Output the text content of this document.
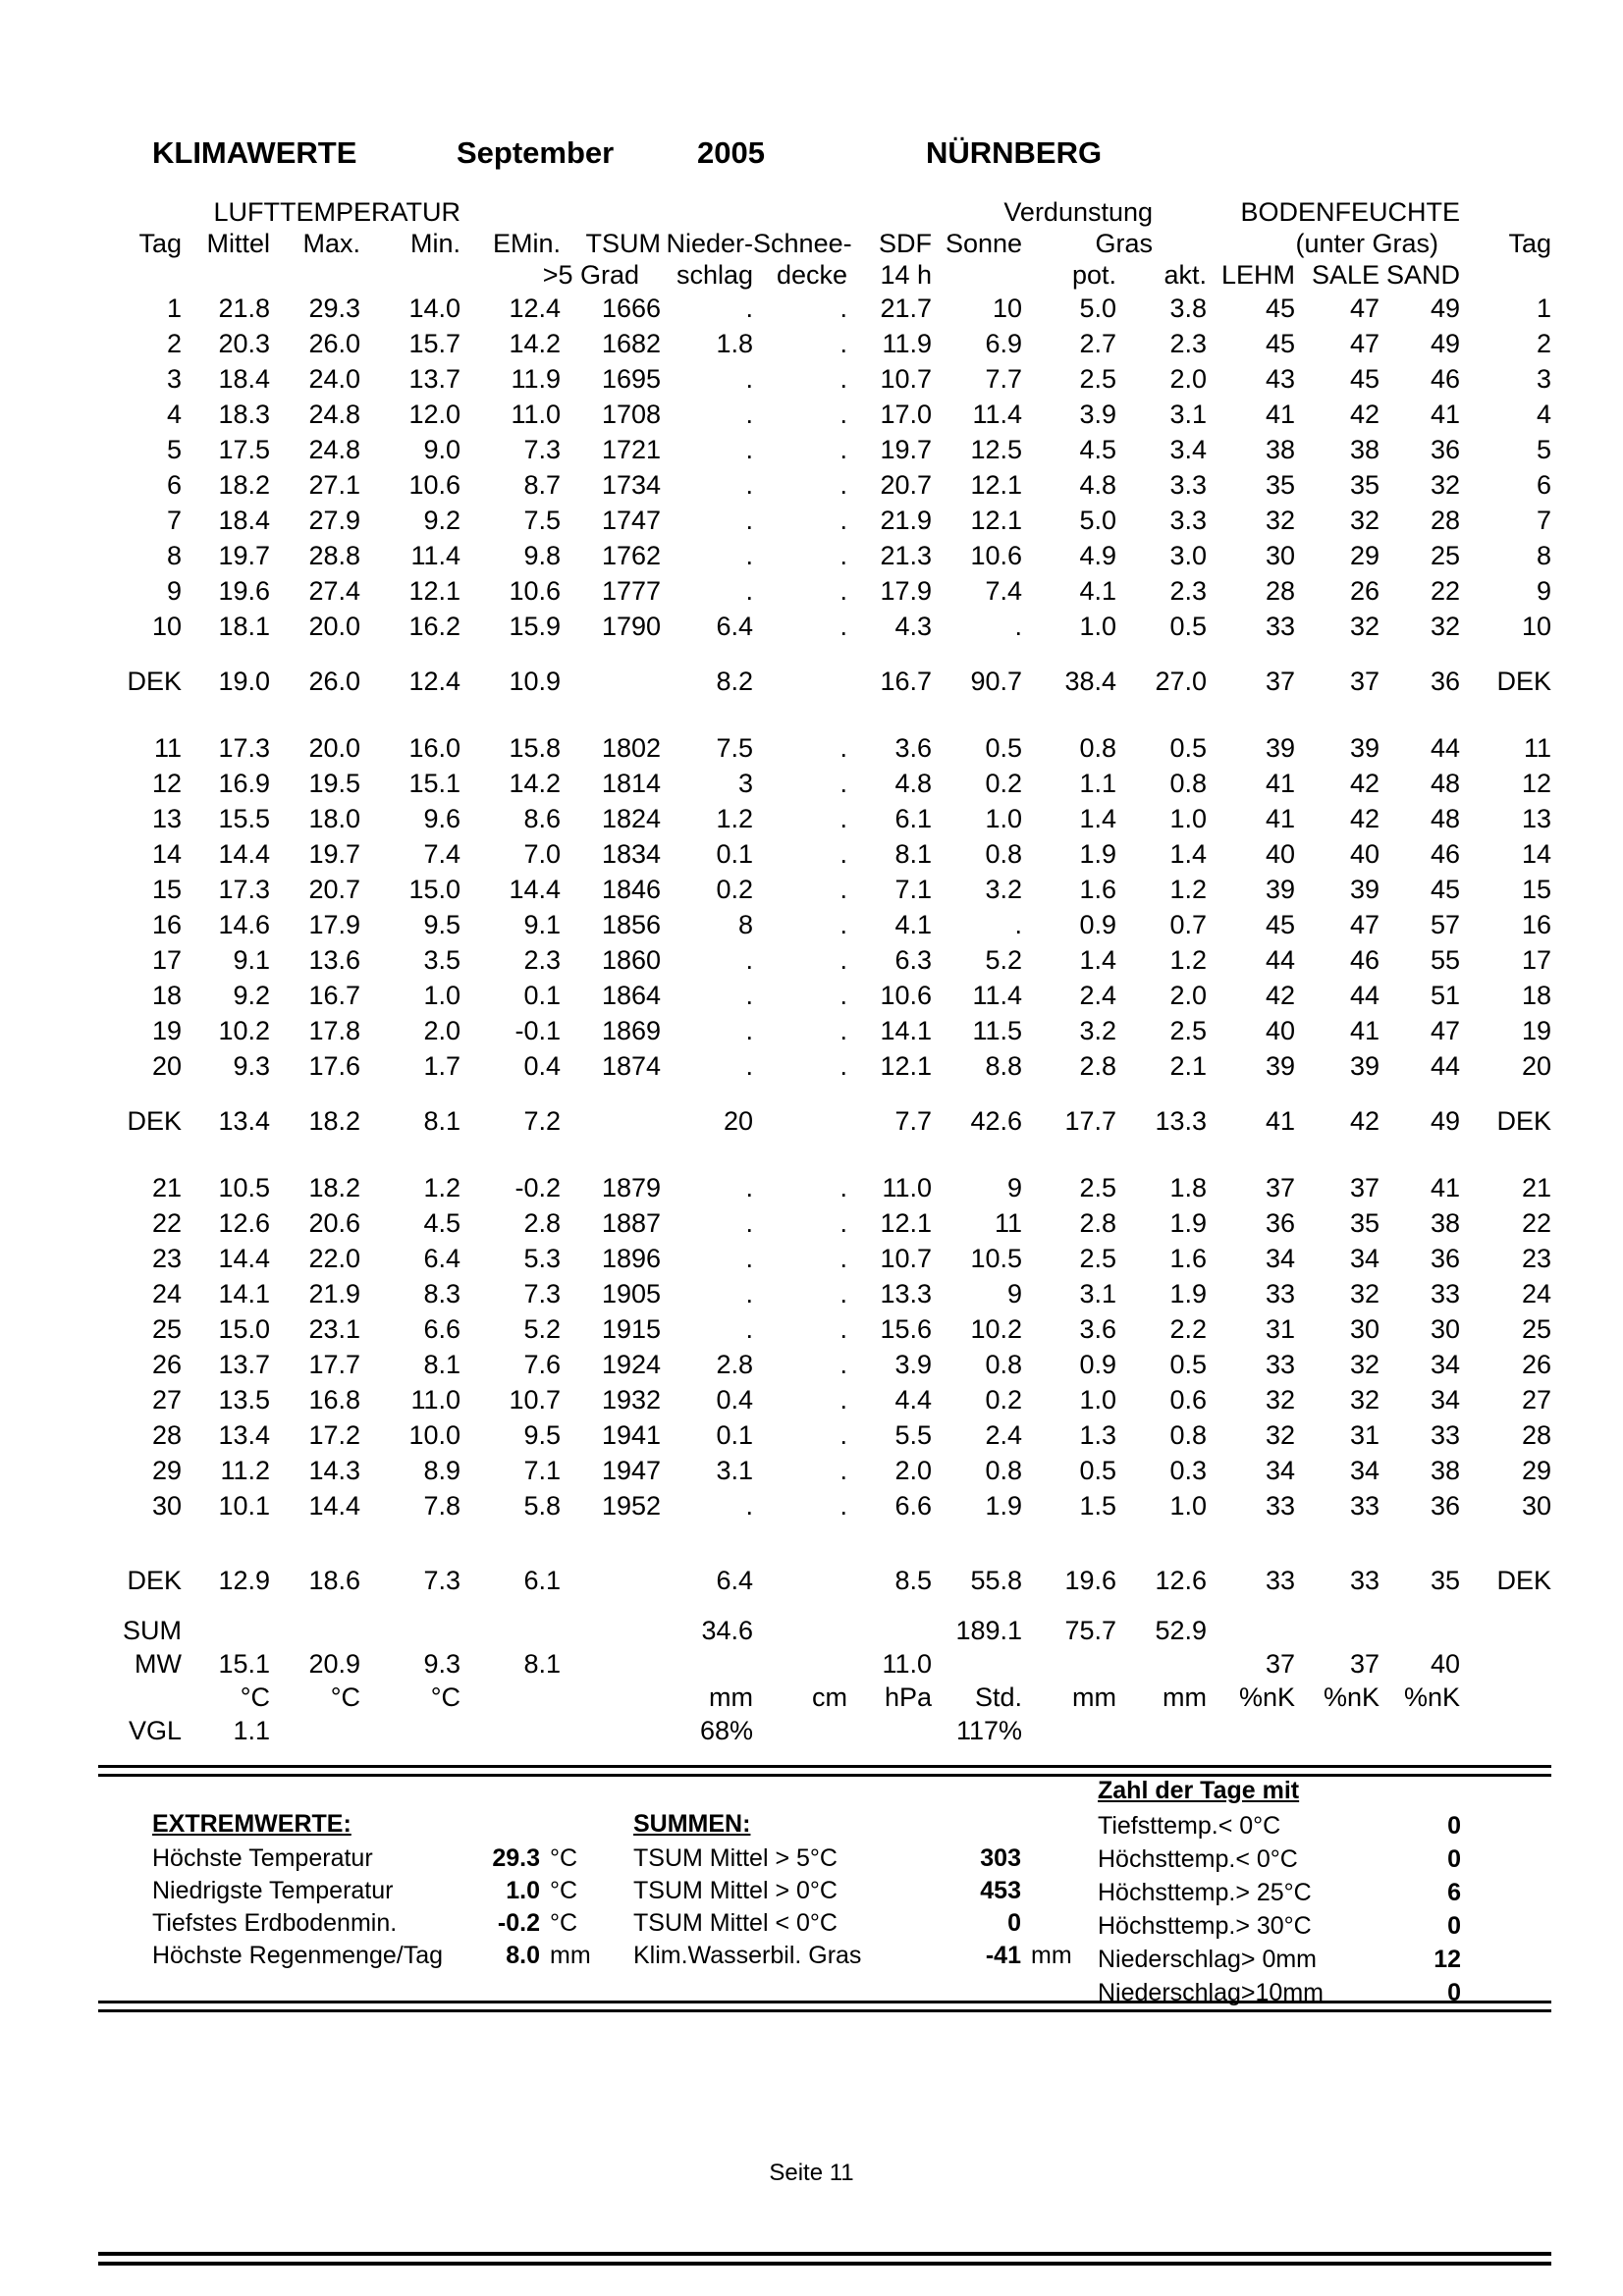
KLIMAWERTE	September	2005	NÜRNBERG
	LUFTTEMPERATUR									Verdunstung		BODENFEUCHTE			
Tag	Mittel	Max.	Min.	EMin.	TSUM	Nieder-	Schnee-	SDF	Sonne	Gras		(unter Gras)			Tag
					>5 Grad	schlag	decke	14 h		pot.	akt.	LEHM	SALE	SAND	
1	21.8	29.3	14.0	12.4	1666	.	.	21.7	10	5.0	3.8	45	47	49	1
2	20.3	26.0	15.7	14.2	1682	1.8	.	11.9	6.9	2.7	2.3	45	47	49	2
3	18.4	24.0	13.7	11.9	1695	.	.	10.7	7.7	2.5	2.0	43	45	46	3
4	18.3	24.8	12.0	11.0	1708	.	.	17.0	11.4	3.9	3.1	41	42	41	4
5	17.5	24.8	9.0	7.3	1721	.	.	19.7	12.5	4.5	3.4	38	38	36	5
6	18.2	27.1	10.6	8.7	1734	.	.	20.7	12.1	4.8	3.3	35	35	32	6
7	18.4	27.9	9.2	7.5	1747	.	.	21.9	12.1	5.0	3.3	32	32	28	7
8	19.7	28.8	11.4	9.8	1762	.	.	21.3	10.6	4.9	3.0	30	29	25	8
9	19.6	27.4	12.1	10.6	1777	.	.	17.9	7.4	4.1	2.3	28	26	22	9
10	18.1	20.0	16.2	15.9	1790	6.4	.	4.3	.	1.0	0.5	33	32	32	10

DEK	19.0	26.0	12.4	10.9		8.2		16.7	90.7	38.4	27.0	37	37	36	DEK

11	17.3	20.0	16.0	15.8	1802	7.5	.	3.6	0.5	0.8	0.5	39	39	44	11
12	16.9	19.5	15.1	14.2	1814	3	.	4.8	0.2	1.1	0.8	41	42	48	12
13	15.5	18.0	9.6	8.6	1824	1.2	.	6.1	1.0	1.4	1.0	41	42	48	13
14	14.4	19.7	7.4	7.0	1834	0.1	.	8.1	0.8	1.9	1.4	40	40	46	14
15	17.3	20.7	15.0	14.4	1846	0.2	.	7.1	3.2	1.6	1.2	39	39	45	15
16	14.6	17.9	9.5	9.1	1856	8	.	4.1	.	0.9	0.7	45	47	57	16
17	9.1	13.6	3.5	2.3	1860	.	.	6.3	5.2	1.4	1.2	44	46	55	17
18	9.2	16.7	1.0	0.1	1864	.	.	10.6	11.4	2.4	2.0	42	44	51	18
19	10.2	17.8	2.0	-0.1	1869	.	.	14.1	11.5	3.2	2.5	40	41	47	19
20	9.3	17.6	1.7	0.4	1874	.	.	12.1	8.8	2.8	2.1	39	39	44	20

DEK	13.4	18.2	8.1	7.2		20		7.7	42.6	17.7	13.3	41	42	49	DEK

21	10.5	18.2	1.2	-0.2	1879	.	.	11.0	9	2.5	1.8	37	37	41	21
22	12.6	20.6	4.5	2.8	1887	.	.	12.1	11	2.8	1.9	36	35	38	22
23	14.4	22.0	6.4	5.3	1896	.	.	10.7	10.5	2.5	1.6	34	34	36	23
24	14.1	21.9	8.3	7.3	1905	.	.	13.3	9	3.1	1.9	33	32	33	24
25	15.0	23.1	6.6	5.2	1915	.	.	15.6	10.2	3.6	2.2	31	30	30	25
26	13.7	17.7	8.1	7.6	1924	2.8	.	3.9	0.8	0.9	0.5	33	32	34	26
27	13.5	16.8	11.0	10.7	1932	0.4	.	4.4	0.2	1.0	0.6	32	32	34	27
28	13.4	17.2	10.0	9.5	1941	0.1	.	5.5	2.4	1.3	0.8	32	31	33	28
29	11.2	14.3	8.9	7.1	1947	3.1	.	2.0	0.8	0.5	0.3	34	34	38	29
30	10.1	14.4	7.8	5.8	1952	.	.	6.6	1.9	1.5	1.0	33	33	36	30

DEK	12.9	18.6	7.3	6.1		6.4		8.5	55.8	19.6	12.6	33	33	35	DEK

SUM						34.6			189.1	75.7	52.9				
MW	15.1	20.9	9.3	8.1				11.0				37	37	40	
	°C	°C	°C			mm	cm	hPa	Std.	mm	mm	%nK	%nK	%nK	
VGL	1.1					68%			117%						
EXTREMWERTE:
Höchste Temperatur	29.3 °C
Niedrigste Temperatur	1.0 °C
Tiefstes Erdbodenmin.	-0.2 °C
Höchste Regenmenge/Tag	8.0 mm
SUMMEN:
TSUM Mittel > 5°C	303
TSUM Mittel > 0°C	453
TSUM Mittel < 0°C	0
Klim.Wasserbil. Gras	-41 mm
Zahl der Tage mit
Tiefsttemp.< 0°C	0
Höchsttemp.< 0°C	0
Höchsttemp.> 25°C	6
Höchsttemp.> 30°C	0
Niederschlag> 0mm	12
Niederschlag>10mm	0
Seite 11
